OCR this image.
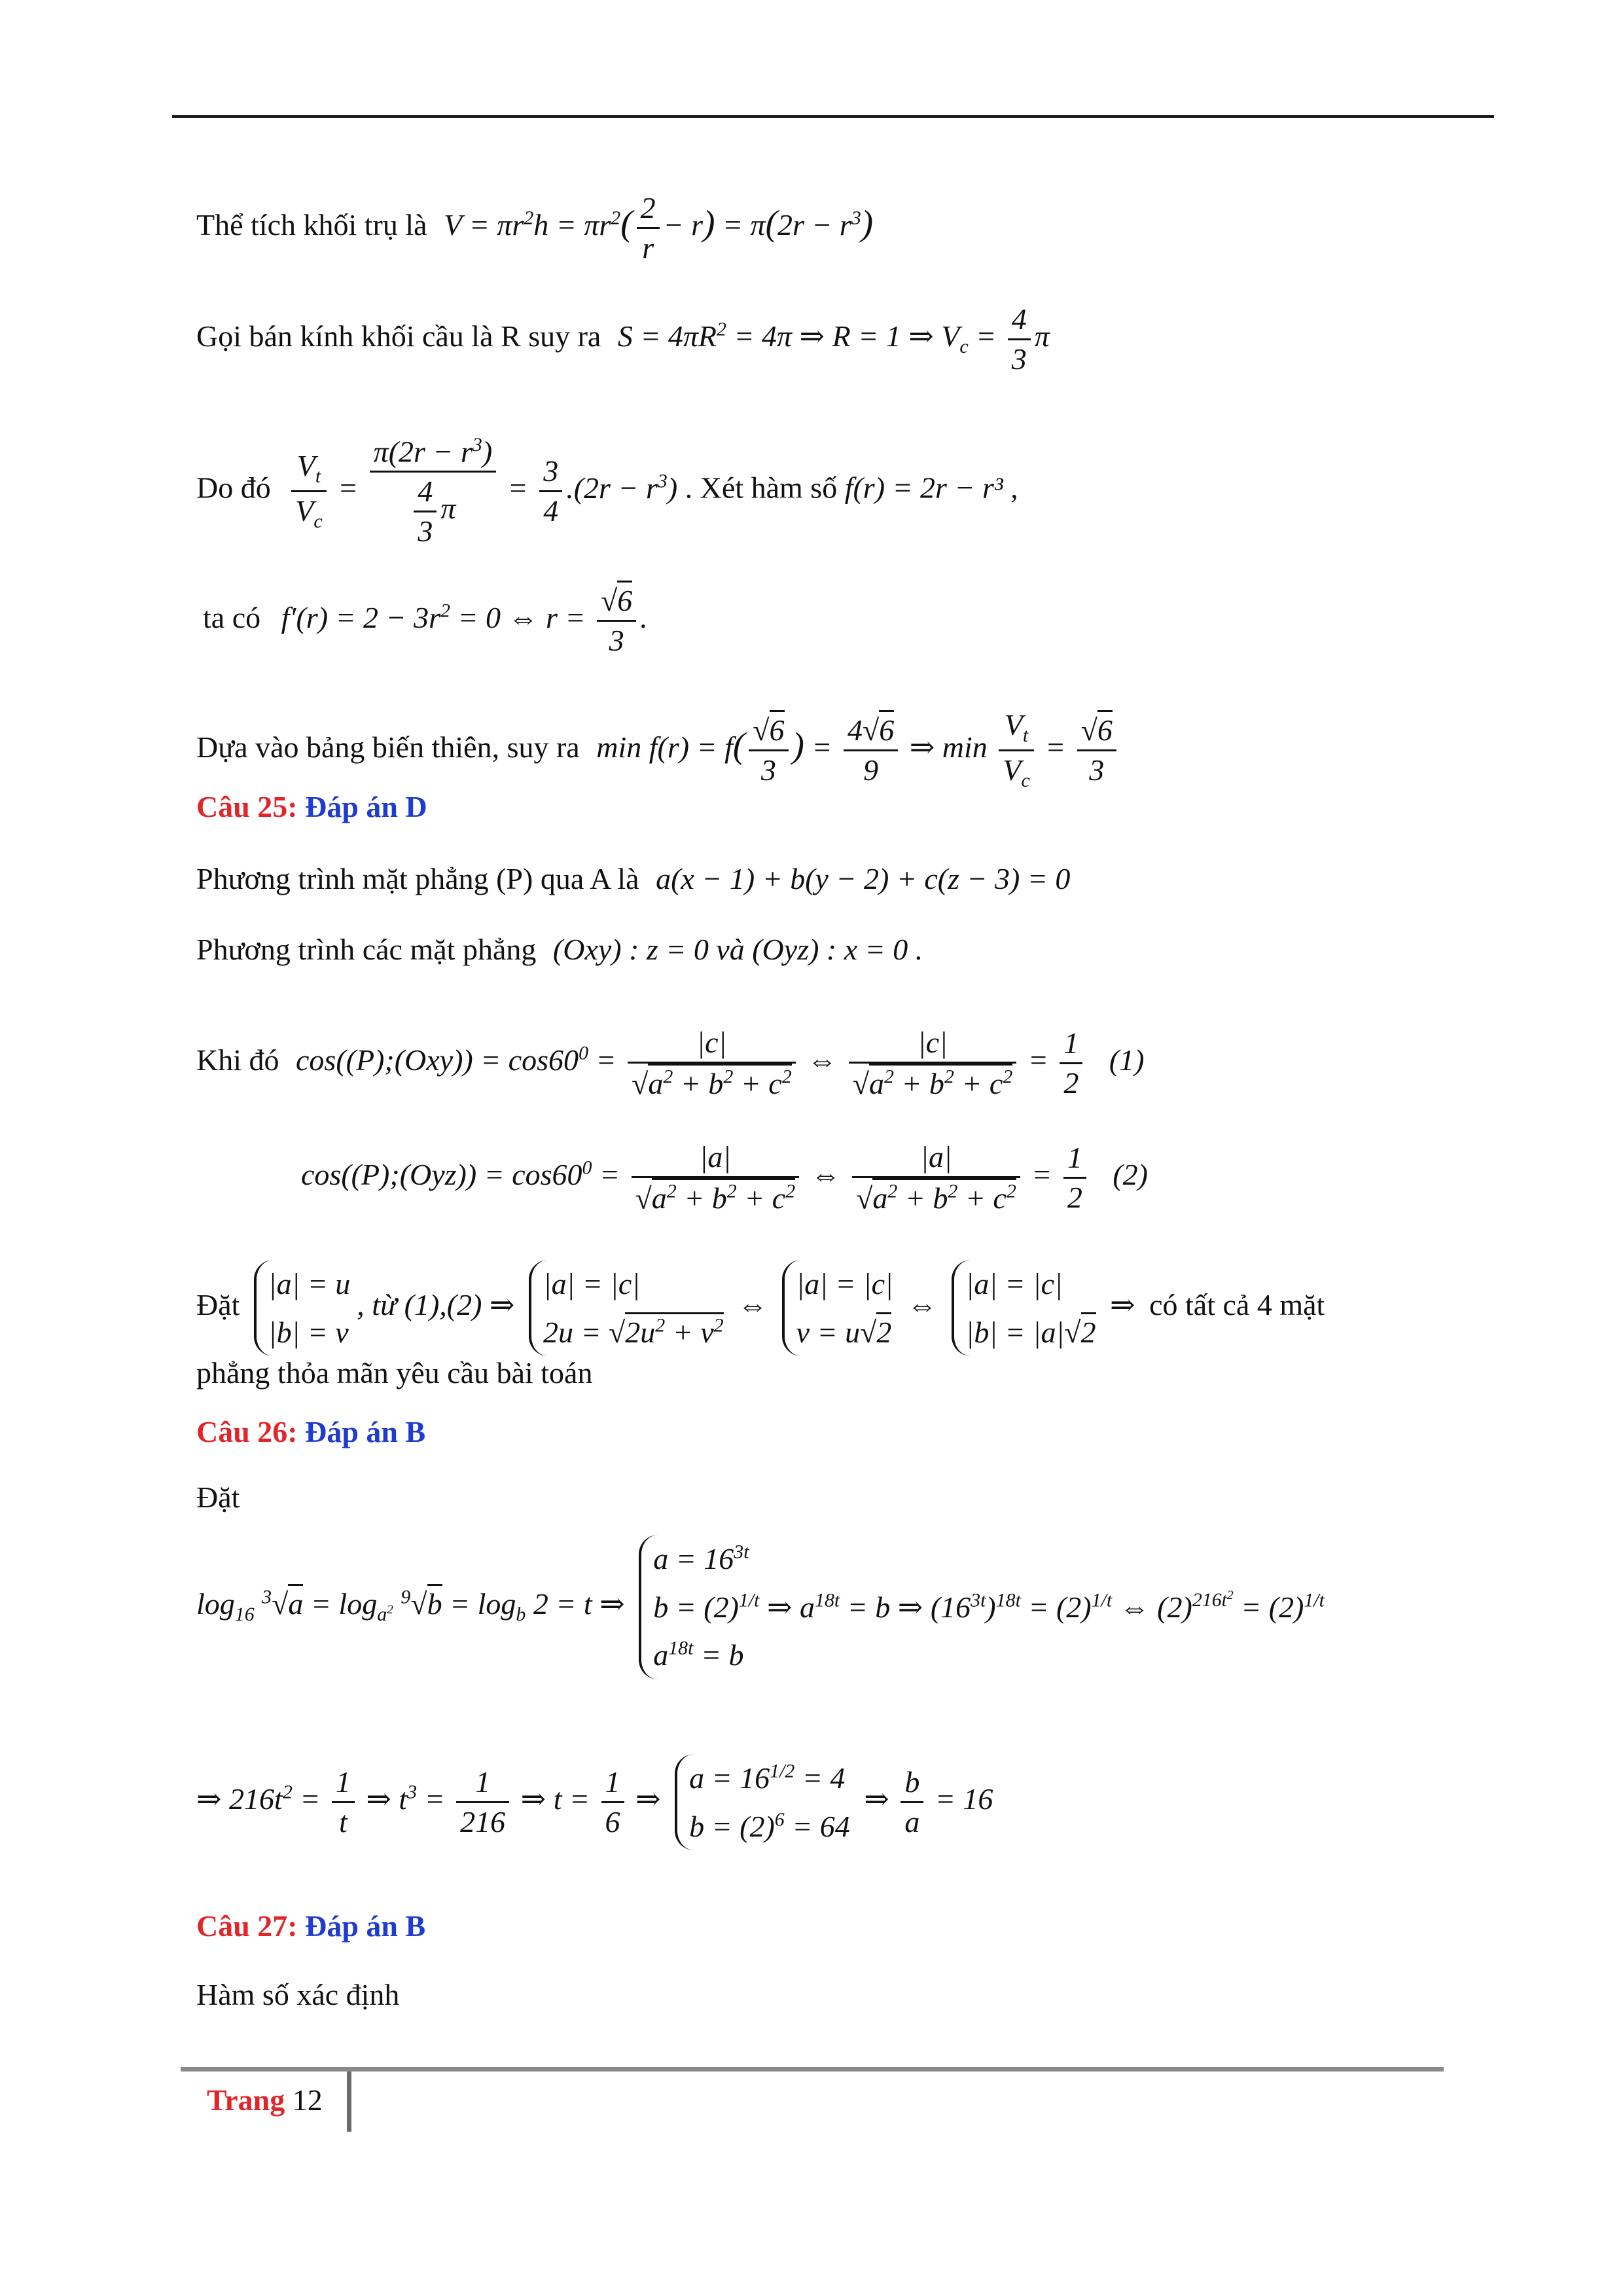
Thể tích khối trụ là $V = \pi r^2h = \pi r^2( \frac{2}{r} - r) = \pi(2r - r^3)$
Gọi bán kính khối cầu là R suy ra $S = 4\pi R^2 = 4\pi$ ⇒ R = 1 ⇒ $V_c = \frac{4}{3}$ π
Do đó $\frac{V_t}{V_c} = \frac{\pi(2r - r^3)}{\frac{4}{3} \pi} = \frac{3}{4} .(2r - r^3)$ . Xét hàm số f(r) = 2r − r³ ,
ta có $f'(r) = 2 - 3r^2 = 0$ ⇔ $r = \frac{√6}{3}$ .
Dựa vào bảng biến thiên, suy ra $\min f(r) = f( \frac{√6}{3}$ ) = $\frac{4√6}{9}$ ⇒ $\min \frac{V_t}{V_c} = \frac{√6}{3}$
Câu 25: Đáp án D
Phương trình mặt phẳng (P) qua A là a(x − 1) + b(y − 2) + c(z − 3) = 0
Phương trình các mặt phẳng (Oxy) : z = 0 và (Oyz) : x = 0 .
Khi đó cos((P);(Oxy)) = $\cos 60^0 = \frac{|c|}{√a^2 + b^2 + c^2}$ ⇔ $\frac{|c|}{√a^2 + b^2 + c^2} = \frac{1}{2} (1)$
cos((P);(Oyz)) = $\cos 60^0 = \frac{|a|}{√a^2 + b^2 + c^2}$ ⇔ $\frac{|a|}{√a^2 + b^2 + c^2} = \frac{1}{2} (2)$
Đặt
|a| = u
|b| = v
, từ (1),(2) ⇒
|a| = |c|
$2u = √2u^2 + v^2$
⇔
|a| = |c|
v = u√2
⇔
|a| = |c|
|b| = |a|√2
⇒ có tất cả 4 mặt
phẳng thỏa mãn yêu cầu bài toán
Câu 26: Đáp án B
Đặt
$\log_{16} ^3√a = \log_{a^2} ^9√b = \log_b 2 = t$ ⇒
$a = 16^{3t}$
$b = (2)^{1/t}$ ⇒ $a^{18t} = b$ ⇒ $(16^{3t})^{18t} = (2)^{1/t}$ ⇔ $(2)^{216t^2} = (2)^{1/t}$
$a^{18t} = b$
⇒ $216t^2 = \frac{1}{t}$ ⇒ $t^3 = \frac{1}{216}$ ⇒ $t = \frac{1}{6}$ ⇒
$a = 16^{1/2} = 4$
$b = (2)^6 = 64$
⇒ $\frac{b}{a} = 16$
Câu 27: Đáp án B
Hàm số xác định
Trang 12
